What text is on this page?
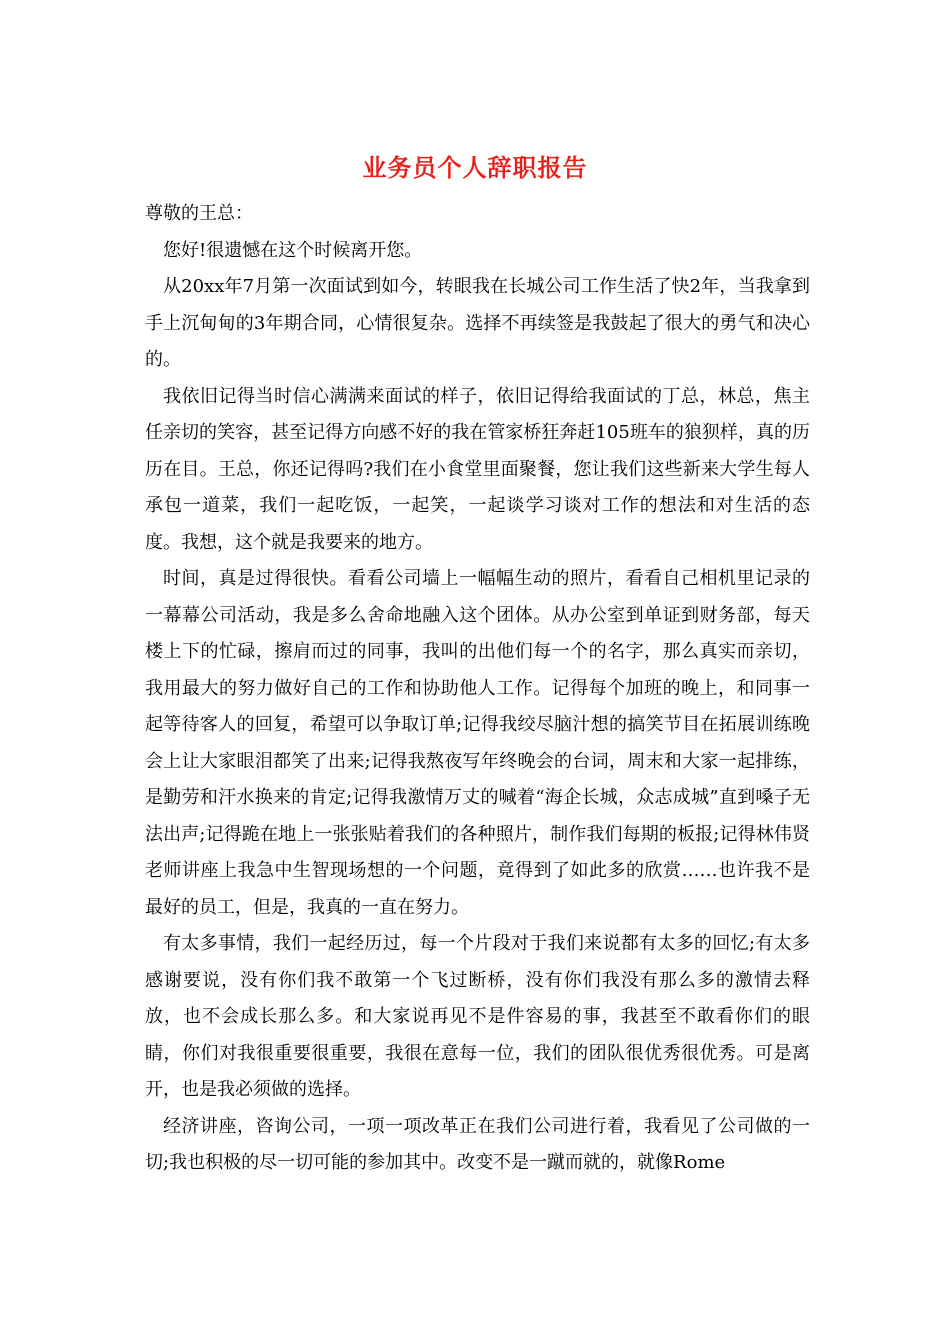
业务员个人辞职报告

尊敬的王总：

您好!很遗憾在这个时候离开您。

从20xx年7月第一次面试到如今，转眼我在长城公司工作生活了快2年，当我拿到手上沉甸甸的3年期合同，心情很复杂。选择不再续签是我鼓起了很大的勇气和决心的。

我依旧记得当时信心满满来面试的样子，依旧记得给我面试的丁总，林总，焦主任亲切的笑容，甚至记得方向感不好的我在管家桥狂奔赶105班车的狼狈样，真的历历在目。王总，你还记得吗?我们在小食堂里面聚餐，您让我们这些新来大学生每人承包一道菜，我们一起吃饭，一起笑，一起谈学习谈对工作的想法和对生活的态度。我想，这个就是我要来的地方。

时间，真是过得很快。看看公司墙上一幅幅生动的照片，看看自己相机里记录的一幕幕公司活动，我是多么舍命地融入这个团体。从办公室到单证到财务部，每天楼上下的忙碌，擦肩而过的同事，我叫的出他们每一个的名字，那么真实而亲切，我用最大的努力做好自己的工作和协助他人工作。记得每个加班的晚上，和同事一起等待客人的回复，希望可以争取订单;记得我绞尽脑汁想的搞笑节目在拓展训练晚会上让大家眼泪都笑了出来;记得我熬夜写年终晚会的台词，周末和大家一起排练，是勤劳和汗水换来的肯定;记得我激情万丈的喊着“海企长城，众志成城”直到嗓子无法出声;记得跪在地上一张张贴着我们的各种照片，制作我们每期的板报;记得林伟贤老师讲座上我急中生智现场想的一个问题，竟得到了如此多的欣赏……也许我不是最好的员工，但是，我真的一直在努力。

有太多事情，我们一起经历过，每一个片段对于我们来说都有太多的回忆;有太多感谢要说，没有你们我不敢第一个飞过断桥，没有你们我没有那么多的激情去释放，也不会成长那么多。和大家说再见不是件容易的事，我甚至不敢看你们的眼睛，你们对我很重要很重要，我很在意每一位，我们的团队很优秀很优秀。可是离开，也是我必须做的选择。

经济讲座，咨询公司，一项一项改革正在我们公司进行着，我看见了公司做的一切;我也积极的尽一切可能的参加其中。改变不是一蹴而就的，就像Rome
